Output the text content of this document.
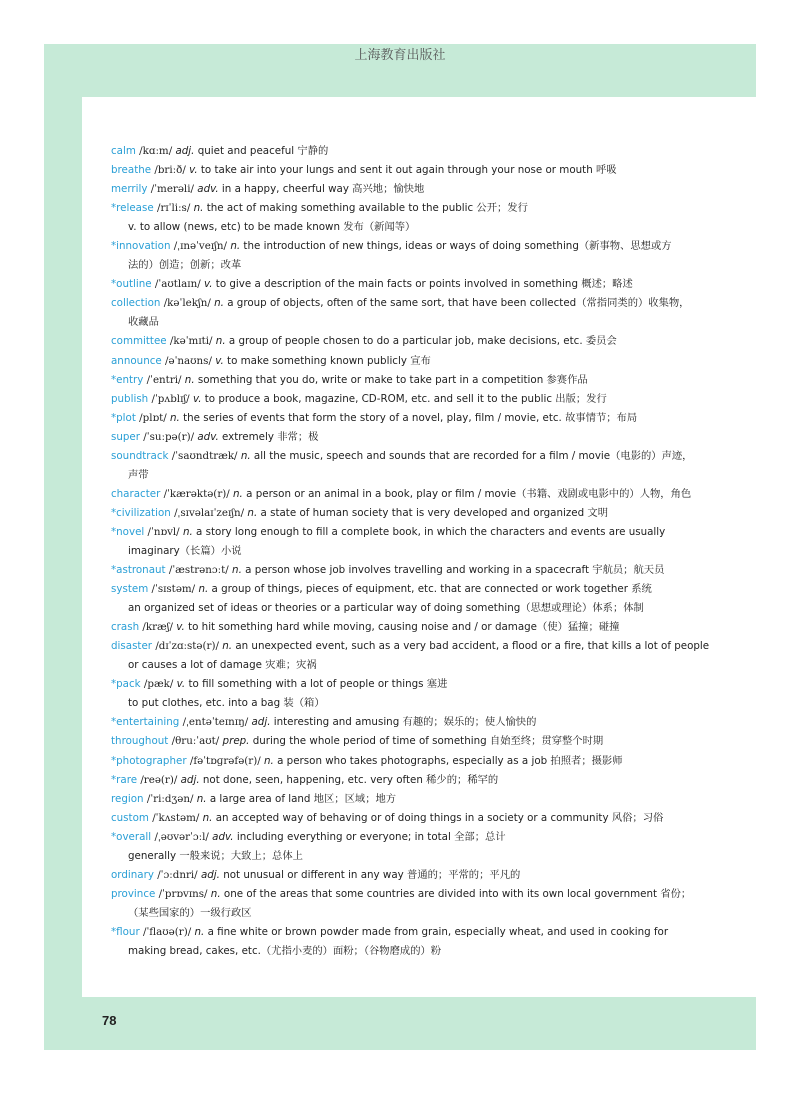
上海教育出版社
calm /kɑːm/ adj. quiet and peaceful 宁静的
breathe /briːð/ v. to take air into your lungs and sent it out again through your nose or mouth 呼吸
merrily /ˈmerəli/ adv. in a happy, cheerful way 高兴地；愉快地
*release /rɪˈliːs/ n. the act of making something available to the public 公开；发行
v. to allow (news, etc) to be made known 发布（新闻等）
*innovation /ˌɪnəˈveɪʃn/ n. the introduction of new things, ideas or ways of doing something（新事物、思想或方
法的）创造；创新；改革
*outline /ˈaʊtlaɪn/ v. to give a description of the main facts or points involved in something 概述；略述
collection /kəˈlekʃn/ n. a group of objects, often of the same sort, that have been collected（常指同类的）收集物，
收藏品
committee /kəˈmɪti/ n. a group of people chosen to do a particular job, make decisions, etc. 委员会
announce /əˈnaʊns/ v. to make something known publicly 宣布
*entry /ˈentri/ n. something that you do, write or make to take part in a competition 参赛作品
publish /ˈpʌblɪʃ/ v. to produce a book, magazine, CD-ROM, etc. and sell it to the public 出版；发行
*plot /plɒt/ n. the series of events that form the story of a novel, play, film / movie, etc. 故事情节；布局
super /ˈsuːpə(r)/ adv. extremely 非常；极
soundtrack /ˈsaʊndtræk/ n. all the music, speech and sounds that are recorded for a film / movie（电影的）声迹，
声带
character /ˈkærəktə(r)/ n. a person or an animal in a book, play or film / movie（书籍、戏剧或电影中的）人物，角色
*civilization /ˌsɪvəlaɪˈzeɪʃn/ n. a state of human society that is very developed and organized 文明
*novel /ˈnɒvl/ n. a story long enough to fill a complete book, in which the characters and events are usually
imaginary（长篇）小说
*astronaut /ˈæstrənɔːt/ n. a person whose job involves travelling and working in a spacecraft 宇航员；航天员
system /ˈsɪstəm/ n. a group of things, pieces of equipment, etc. that are connected or work together 系统
an organized set of ideas or theories or a particular way of doing something（思想或理论）体系；体制
crash /kræʃ/ v. to hit something hard while moving, causing noise and / or damage（使）猛撞；碰撞
disaster /dɪˈzɑːstə(r)/ n. an unexpected event, such as a very bad accident, a flood or a fire, that kills a lot of people
or causes a lot of damage 灾难；灾祸
*pack /pæk/ v. to fill something with a lot of people or things 塞进
to put clothes, etc. into a bag 装（箱）
*entertaining /ˌentəˈteɪnɪŋ/ adj. interesting and amusing 有趣的；娱乐的；使人愉快的
throughout /θruːˈaʊt/ prep. during the whole period of time of something 自始至终；贯穿整个时期
*photographer /fəˈtɒɡrəfə(r)/ n. a person who takes photographs, especially as a job 拍照者；摄影师
*rare /reə(r)/ adj. not done, seen, happening, etc. very often 稀少的；稀罕的
region /ˈriːdʒən/ n. a large area of land 地区；区域；地方
custom /ˈkʌstəm/ n. an accepted way of behaving or of doing things in a society or a community 风俗；习俗
*overall /ˌəʊvərˈɔːl/ adv. including everything or everyone; in total 全部；总计
generally 一般来说；大致上；总体上
ordinary /ˈɔːdnri/ adj. not unusual or different in any way 普通的；平常的；平凡的
province /ˈprɒvɪns/ n. one of the areas that some countries are divided into with its own local government 省份；
（某些国家的）一级行政区
*flour /ˈflaʊə(r)/ n. a fine white or brown powder made from grain, especially wheat, and used in cooking for
making bread, cakes, etc.（尤指小麦的）面粉；（谷物磨成的）粉
78
